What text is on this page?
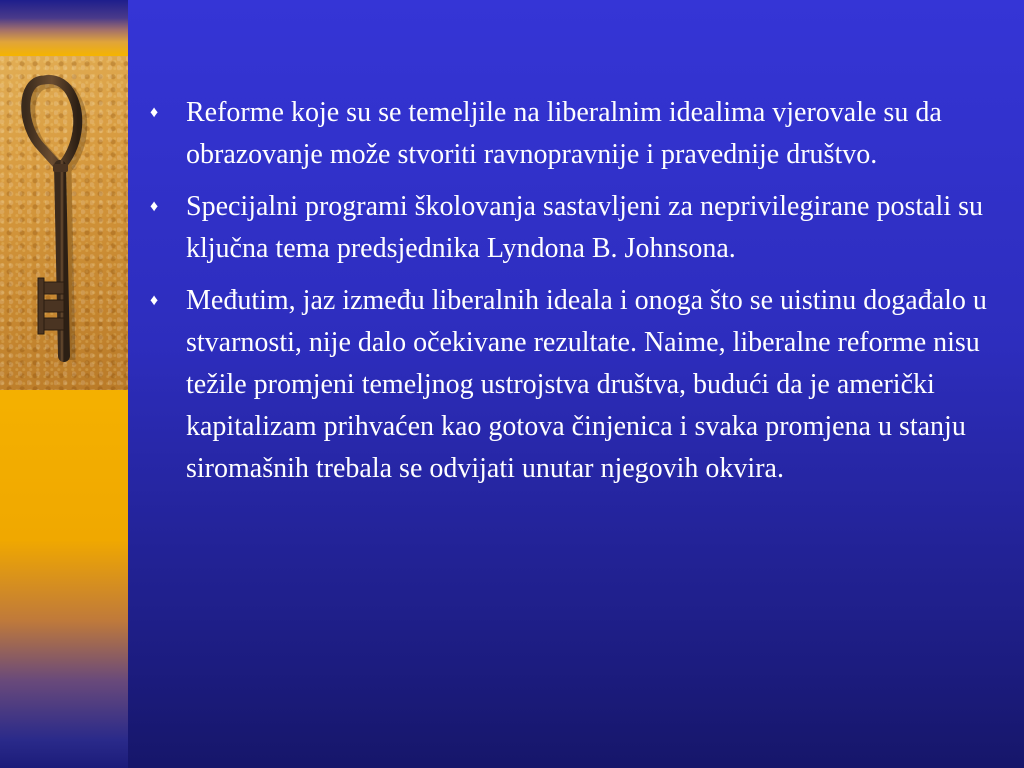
♦ Reforme koje su se temeljile na liberalnim idealima vjerovale su da obrazovanje može stvoriti ravnopravnije i pravednije društvo.
♦ Specijalni programi školovanja sastavljeni za neprivilegirane postali su ključna tema predsjednika Lyndona B. Johnsona.
♦ Međutim, jaz između liberalnih ideala i onoga što se uistinu događalo u stvarnosti, nije dalo očekivane rezultate. Naime, liberalne reforme nisu težile promjeni temeljnog ustrojstva društva, budući da je američki kapitalizam prihvaćen kao gotova činjenica i svaka promjena u stanju siromašnih trebala se odvijati unutar njegovih okvira.
